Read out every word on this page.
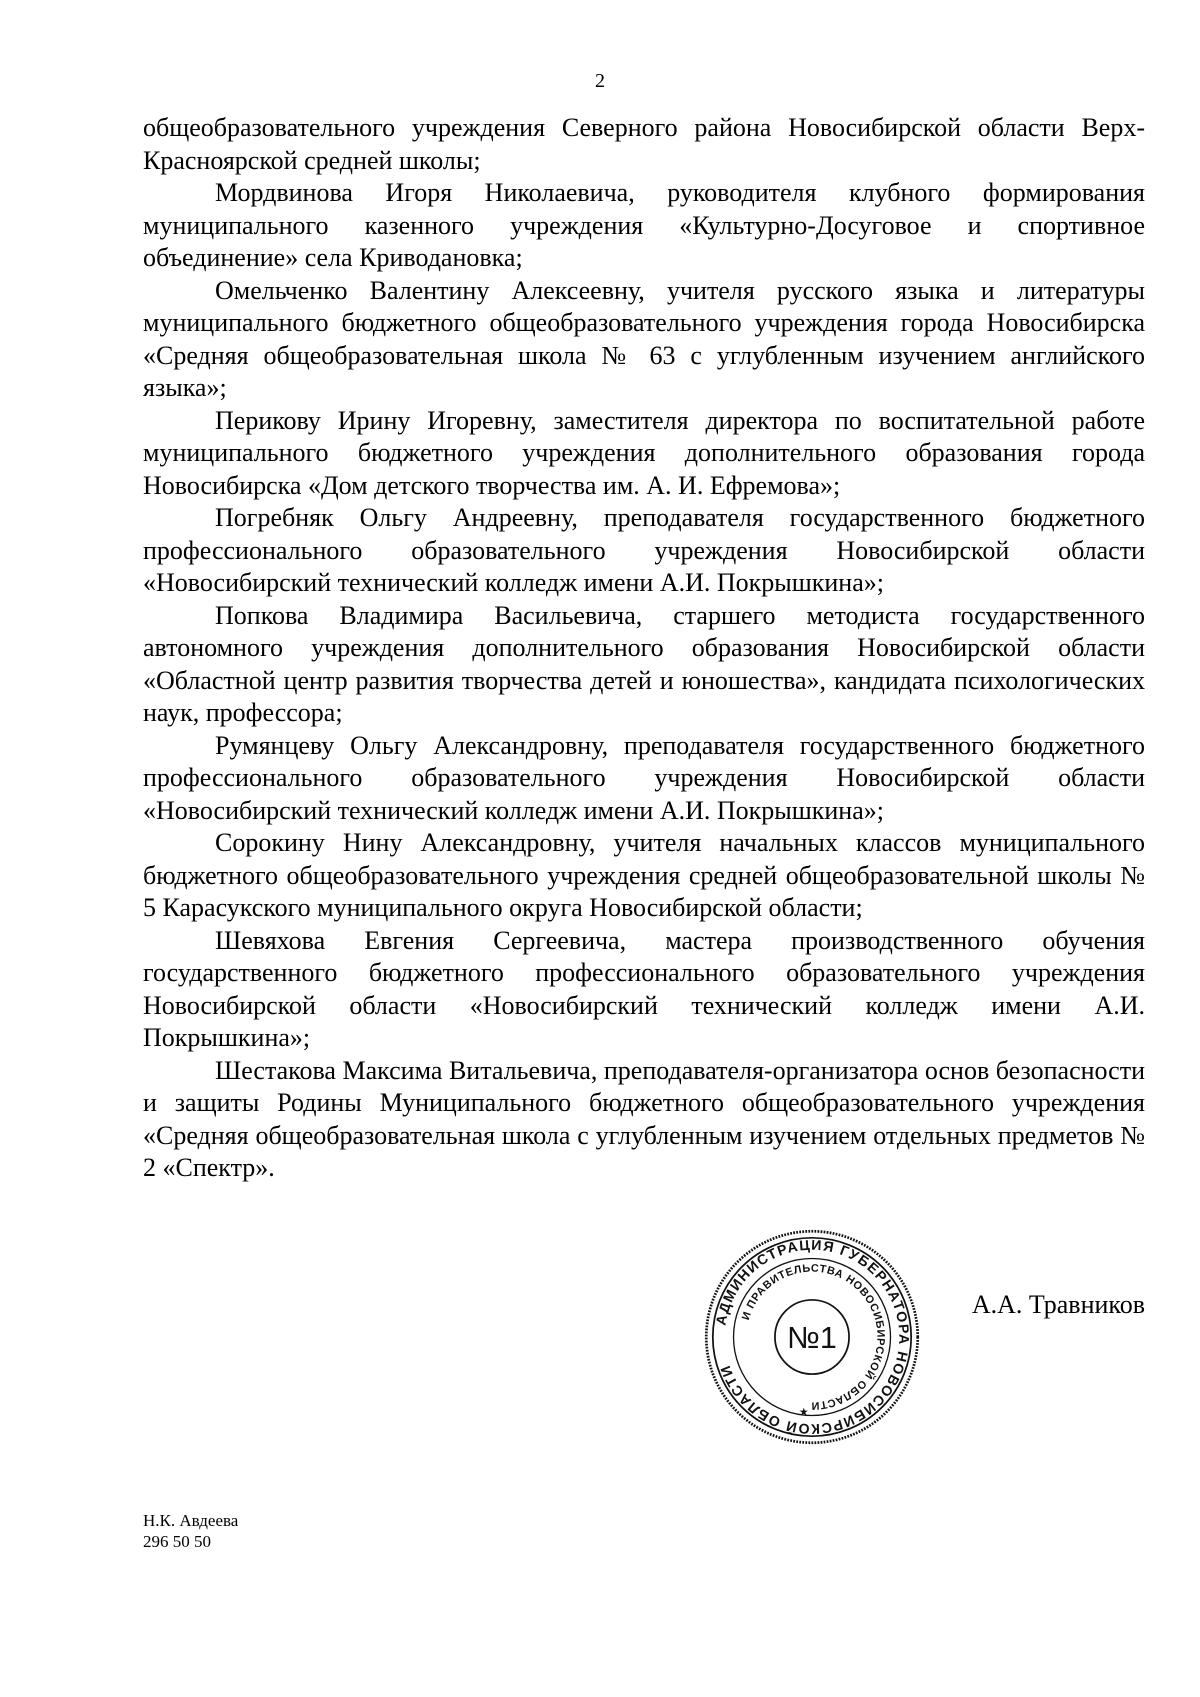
2

общеобразовательного учреждения Северного района Новосибирской области Верх-Красноярской средней школы;

Мордвинова Игоря Николаевича, руководителя клубного формирования муниципального казенного учреждения «Культурно-Досуговое и спортивное объединение» села Криводановка;

Омельченко Валентину Алексеевну, учителя русского языка и литературы муниципального бюджетного общеобразовательного учреждения города Новосибирска «Средняя общеобразовательная школа № 63 с углубленным изучением английского языка»;

Перикову Ирину Игоревну, заместителя директора по воспитательной работе муниципального бюджетного учреждения дополнительного образования города Новосибирска «Дом детского творчества им. А. И. Ефремова»;

Погребняк Ольгу Андреевну, преподавателя государственного бюджетного профессионального образовательного учреждения Новосибирской области «Новосибирский технический колледж имени А.И. Покрышкина»;

Попкова Владимира Васильевича, старшего методиста государственного автономного учреждения дополнительного образования Новосибирской области «Областной центр развития творчества детей и юношества», кандидата психологических наук, профессора;

Румянцеву Ольгу Александровну, преподавателя государственного бюджетного профессионального образовательного учреждения Новосибирской области «Новосибирский технический колледж имени А.И. Покрышкина»;

Сорокину Нину Александровну, учителя начальных классов муниципального бюджетного общеобразовательного учреждения средней общеобразовательной школы № 5 Карасукского муниципального округа Новосибирской области;

Шевяхова Евгения Сергеевича, мастера производственного обучения государственного бюджетного профессионального образовательного учреждения Новосибирской области «Новосибирский технический колледж имени А.И. Покрышкина»;

Шестакова Максима Витальевича, преподавателя-организатора основ безопасности и защиты Родины Муниципального бюджетного общеобразовательного учреждения «Средняя общеобразовательная школа с углубленным изучением отдельных предметов № 2 «Спектр».

АДМИНИСТРАЦИЯ ГУБЕРНАТОРА НОВОСИБИРСКОЙ ОБЛАСТИ
И ПРАВИТЕЛЬСТВА НОВОСИБИРСКОЙ ОБЛАСТИ
№1
★
А.А. Травников
Н.К. Авдеева
296 50 50
